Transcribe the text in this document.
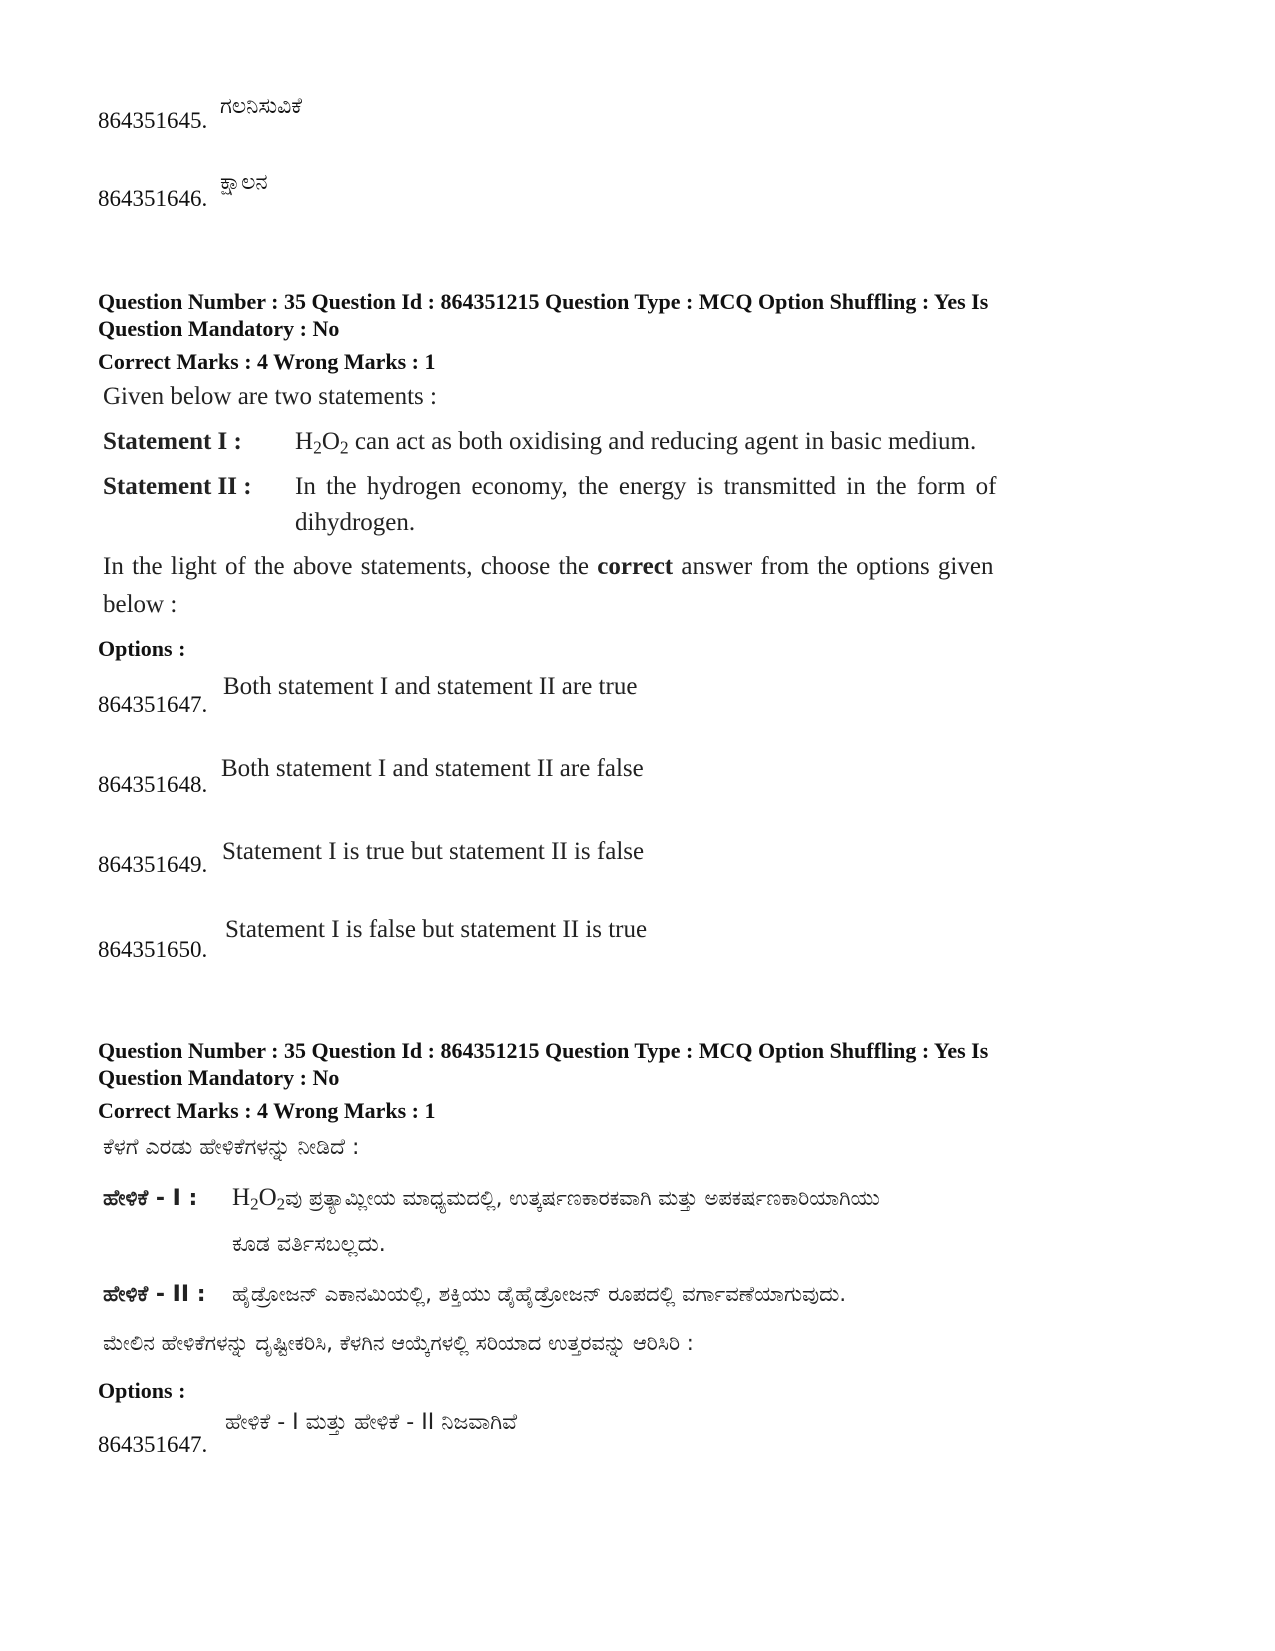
864351645.
ಗಲನಿಸುವಿಕೆ
864351646.
ಕ್ಷಾಲನ
Question Number : 35 Question Id : 864351215 Question Type : MCQ Option Shuffling : Yes Is
Question Mandatory : No
Correct Marks : 4 Wrong Marks : 1
Given below are two statements :
Statement I : $H_2O_2$ can act as both oxidising and reducing agent in basic medium.
Statement II : In the hydrogen economy, the energy is transmitted in the form of
dihydrogen.
In the light of the above statements, choose the correct answer from the options given
below :
Options :
864351647.
Both statement I and statement II are true
864351648.
Both statement I and statement II are false
864351649. Statement I is true but statement II is false
864351650.
Statement I is false but statement II is true
Question Number : 35 Question Id : 864351215 Question Type : MCQ Option Shuffling : Yes Is
Question Mandatory : No
Correct Marks : 4 Wrong Marks : 1
ಕೆಳಗೆ ಎರಡು ಹೇಳಿಕೆಗಳನ್ನು ನೀಡಿದೆ :
ಹೇಳಿಕೆ - I : $H_2O_2ವು$ ಪ್ರತ್ಯಾಮ್ಲೀಯ ಮಾಧ್ಯಮದಲ್ಲಿ, ಉತ್ಕರ್ಷಣಕಾರಕವಾಗಿ ಮತ್ತು ಅಪಕರ್ಷಣಕಾರಿಯಾಗಿಯು
ಕೂಡ ವರ್ತಿಸಬಲ್ಲದು.
ಹೇಳಿಕೆ - II : ಹೈಡ್ರೋಜನ್ ಎಕಾನಮಿಯಲ್ಲಿ, ಶಕ್ತಿಯು ಡೈಹೈಡ್ರೋಜನ್ ರೂಪದಲ್ಲಿ ವರ್ಗಾವಣೆಯಾಗುವುದು.
ಮೇಲಿನ ಹೇಳಿಕೆಗಳನ್ನು ದೃಷ್ಟೀಕರಿಸಿ, ಕೆಳಗಿನ ಆಯ್ಕೆಗಳಲ್ಲಿ ಸರಿಯಾದ ಉತ್ತರವನ್ನು ಆರಿಸಿರಿ :
Options :
864351647.
ಹೇಳಿಕೆ - I ಮತ್ತು ಹೇಳಿಕೆ - II ನಿಜವಾಗಿವೆ
